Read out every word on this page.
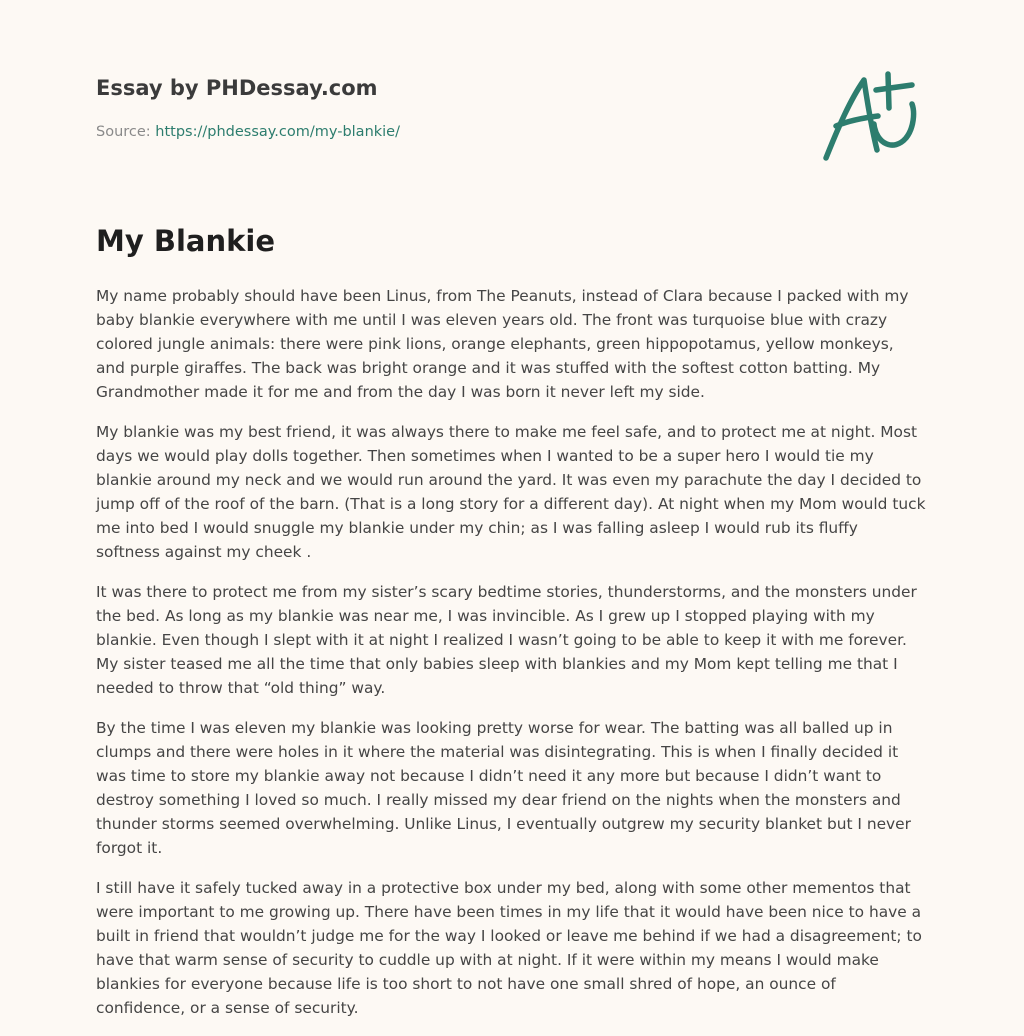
Essay by PHDessay.com
Source: https://phdessay.com/my-blankie/
My Blankie

My name probably should have been Linus, from The Peanuts, instead of Clara because I packed with my baby blankie everywhere with me until I was eleven years old. The front was turquoise blue with crazy colored jungle animals: there were pink lions, orange elephants, green hippopotamus, yellow monkeys, and purple giraffes. The back was bright orange and it was stuffed with the softest cotton batting. My Grandmother made it for me and from the day I was born it never left my side.

My blankie was my best friend, it was always there to make me feel safe, and to protect me at night. Most days we would play dolls together. Then sometimes when I wanted to be a super hero I would tie my blankie around my neck and we would run around the yard. It was even my parachute the day I decided to jump off of the roof of the barn. (That is a long story for a different day). At night when my Mom would tuck me into bed I would snuggle my blankie under my chin; as I was falling asleep I would rub its fluffy softness against my cheek .

It was there to protect me from my sister’s scary bedtime stories, thunderstorms, and the monsters under the bed. As long as my blankie was near me, I was invincible. As I grew up I stopped playing with my blankie. Even though I slept with it at night I realized I wasn’t going to be able to keep it with me forever. My sister teased me all the time that only babies sleep with blankies and my Mom kept telling me that I needed to throw that “old thing” way.

By the time I was eleven my blankie was looking pretty worse for wear. The batting was all balled up in clumps and there were holes in it where the material was disintegrating. This is when I finally decided it was time to store my blankie away not because I didn’t need it any more but because I didn’t want to destroy something I loved so much. I really missed my dear friend on the nights when the monsters and thunder storms seemed overwhelming. Unlike Linus, I eventually outgrew my security blanket but I never forgot it.

I still have it safely tucked away in a protective box under my bed, along with some other mementos that were important to me growing up. There have been times in my life that it would have been nice to have a built in friend that wouldn’t judge me for the way I looked or leave me behind if we had a disagreement; to have that warm sense of security to cuddle up with at night. If it were within my means I would make blankies for everyone because life is too short to not have one small shred of hope, an ounce of confidence, or a sense of security.
